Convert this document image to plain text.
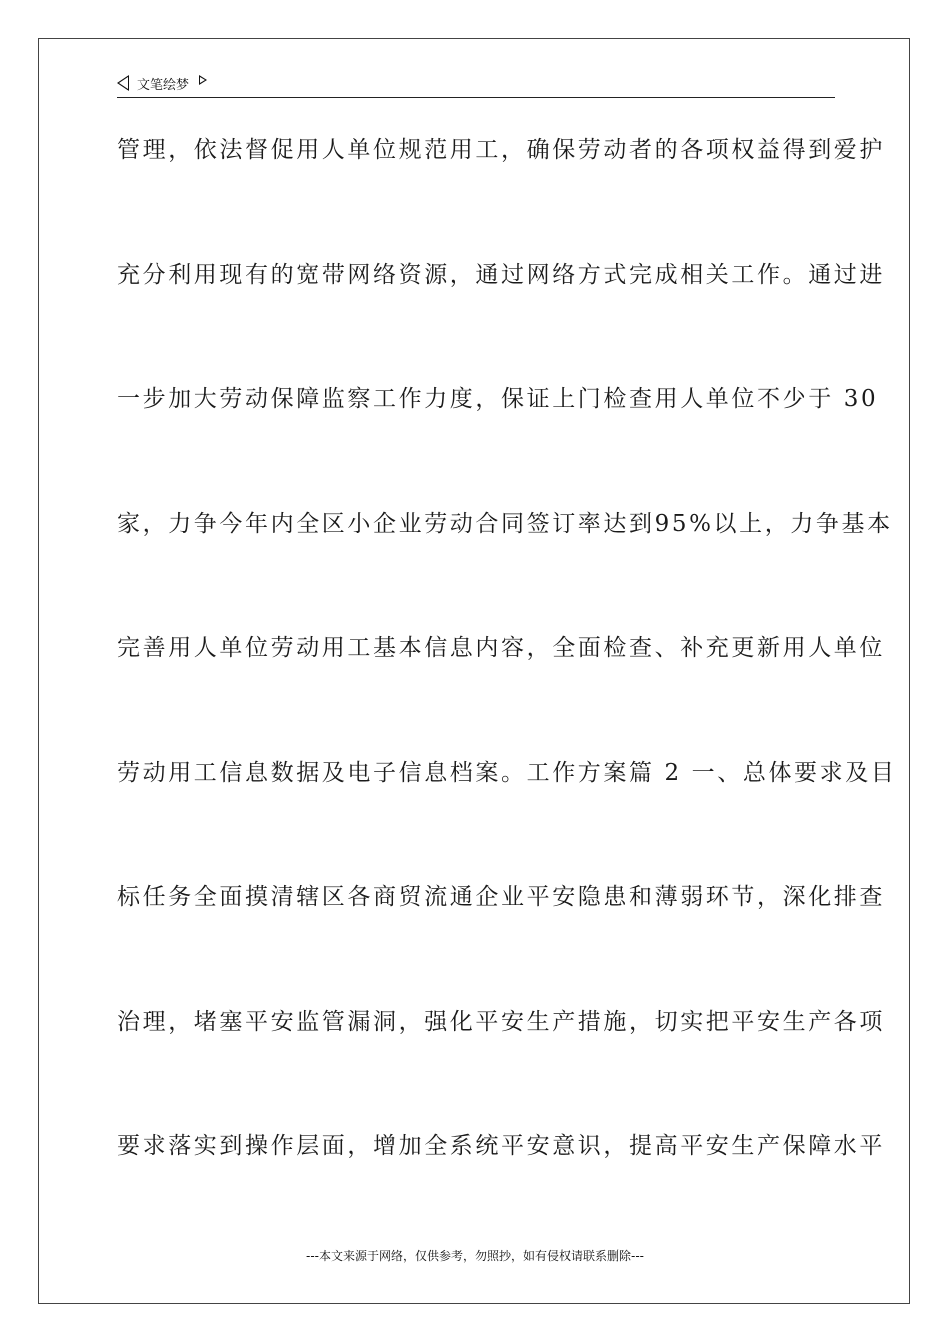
文笔绘梦
管理，依法督促用人单位规范用工，确保劳动者的各项权益得到爱护
充分利用现有的宽带网络资源，通过网络方式完成相关工作。通过进
一步加大劳动保障监察工作力度，保证上门检查用人单位不少于 30
家，力争今年内全区小企业劳动合同签订率达到95%以上，力争基本
完善用人单位劳动用工基本信息内容，全面检查、补充更新用人单位
劳动用工信息数据及电子信息档案。工作方案篇 2 一、总体要求及目
标任务全面摸清辖区各商贸流通企业平安隐患和薄弱环节，深化排查
治理，堵塞平安监管漏洞，强化平安生产措施，切实把平安生产各项
要求落实到操作层面，增加全系统平安意识，提高平安生产保障水平
---本文来源于网络，仅供参考，勿照抄，如有侵权请联系删除---
